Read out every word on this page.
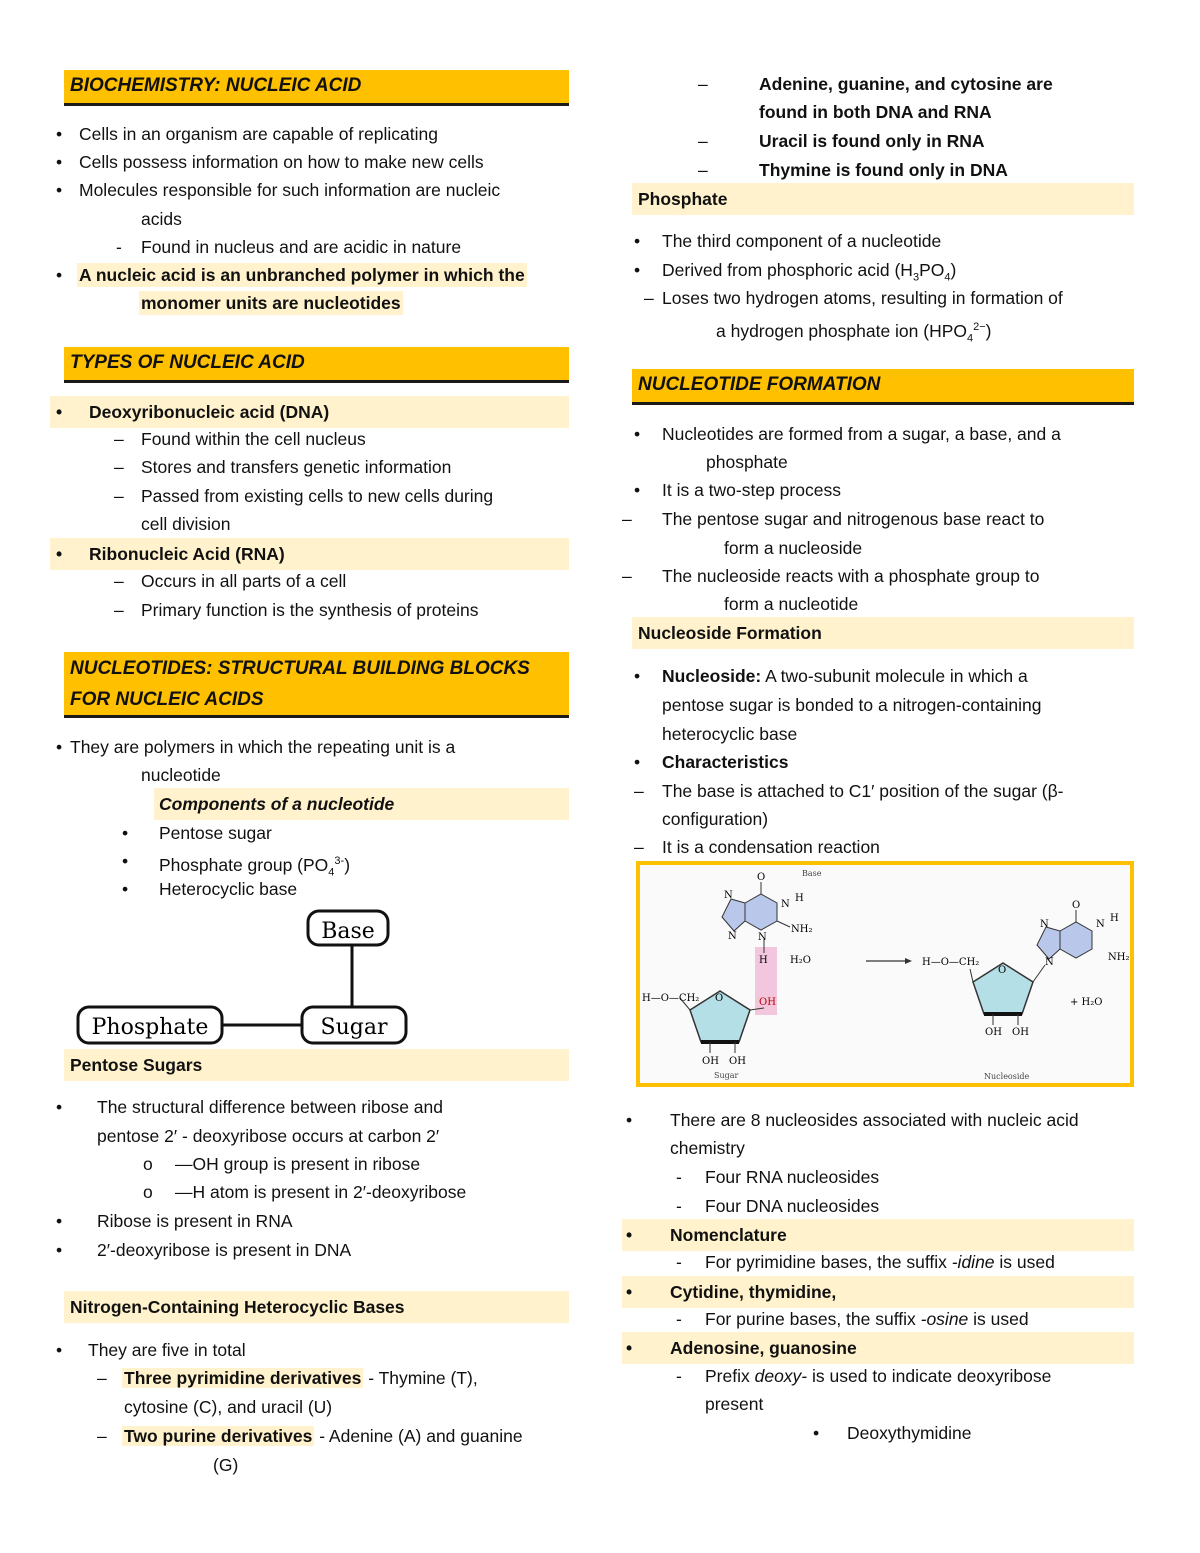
BIOCHEMISTRY: NUCLEIC ACID
• Cells in an organism are capable of replicating
• Cells possess information on how to make new cells
• Molecules responsible for such information are nucleic
acids
- Found in nucleus and are acidic in nature
• A nucleic acid is an unbranched polymer in which the
monomer units are nucleotides
TYPES OF NUCLEIC ACID
• Deoxyribonucleic acid (DNA)
– Found within the cell nucleus
– Stores and transfers genetic information
– Passed from existing cells to new cells during
cell division
• Ribonucleic Acid (RNA)
– Occurs in all parts of a cell
– Primary function is the synthesis of proteins
NUCLEOTIDES: STRUCTURAL BUILDING BLOCKS
FOR NUCLEIC ACIDS
• They are polymers in which the repeating unit is a
nucleotide
Components of a nucleotide
• Pentose sugar
• Phosphate group $(PO_4^{3-})$
• Heterocyclic base
Base
Phosphate	Sugar
Pentose Sugars
• The structural difference between ribose and
pentose 2′ - deoxyribose occurs at carbon 2′
o —OH group is present in ribose
o —H atom is present in 2′-deoxyribose
• Ribose is present in RNA
• 2′-deoxyribose is present in DNA
Nitrogen-Containing Heterocyclic Bases
• They are five in total
– Three pyrimidine derivatives - Thymine (T),
cytosine (C), and uracil (U)
– Two purine derivatives - Adenine (A) and guanine
(G)
–	Adenine, guanine, and cytosine are
found in both DNA and RNA
–	Uracil is found only in RNA
–	Thymine is found only in DNA
Phosphate
• The third component of a nucleotide
• Derived from phosphoric acid $(H_3PO_4)$
– Loses two hydrogen atoms, resulting in formation of
a hydrogen phosphate ion $(HPO_4^{2-})$
NUCLEOTIDE FORMATION
• Nucleotides are formed from a sugar, a base, and a
phosphate
• It is a two-step process
– The pentose sugar and nitrogenous base react to
form a nucleoside
– The nucleoside reacts with a phosphate group to
form a nucleotide
Nucleoside Formation
• Nucleoside: A two-subunit molecule in which a
pentose sugar is bonded to a nitrogen-containing
heterocyclic base
• Characteristics
– The base is attached to C1′ position of the sugar (β-
configuration)
– It is a condensation reaction
Base
O
N
H
NH₂
N
N
N
H
OH
H₂O
O
H—O—CH₂
OH OH
Sugar
H—O—CH₂
O
OH OH
O
N
H
NH₂
N
N
+ H₂O
Nucleoside
• There are 8 nucleosides associated with nucleic acid
chemistry
- Four RNA nucleosides
- Four DNA nucleosides
• Nomenclature
- For pyrimidine bases, the suffix -idine is used
• Cytidine, thymidine,
- For purine bases, the suffix -osine is used
• Adenosine, guanosine
- Prefix deoxy- is used to indicate deoxyribose
present
• Deoxythymidine
